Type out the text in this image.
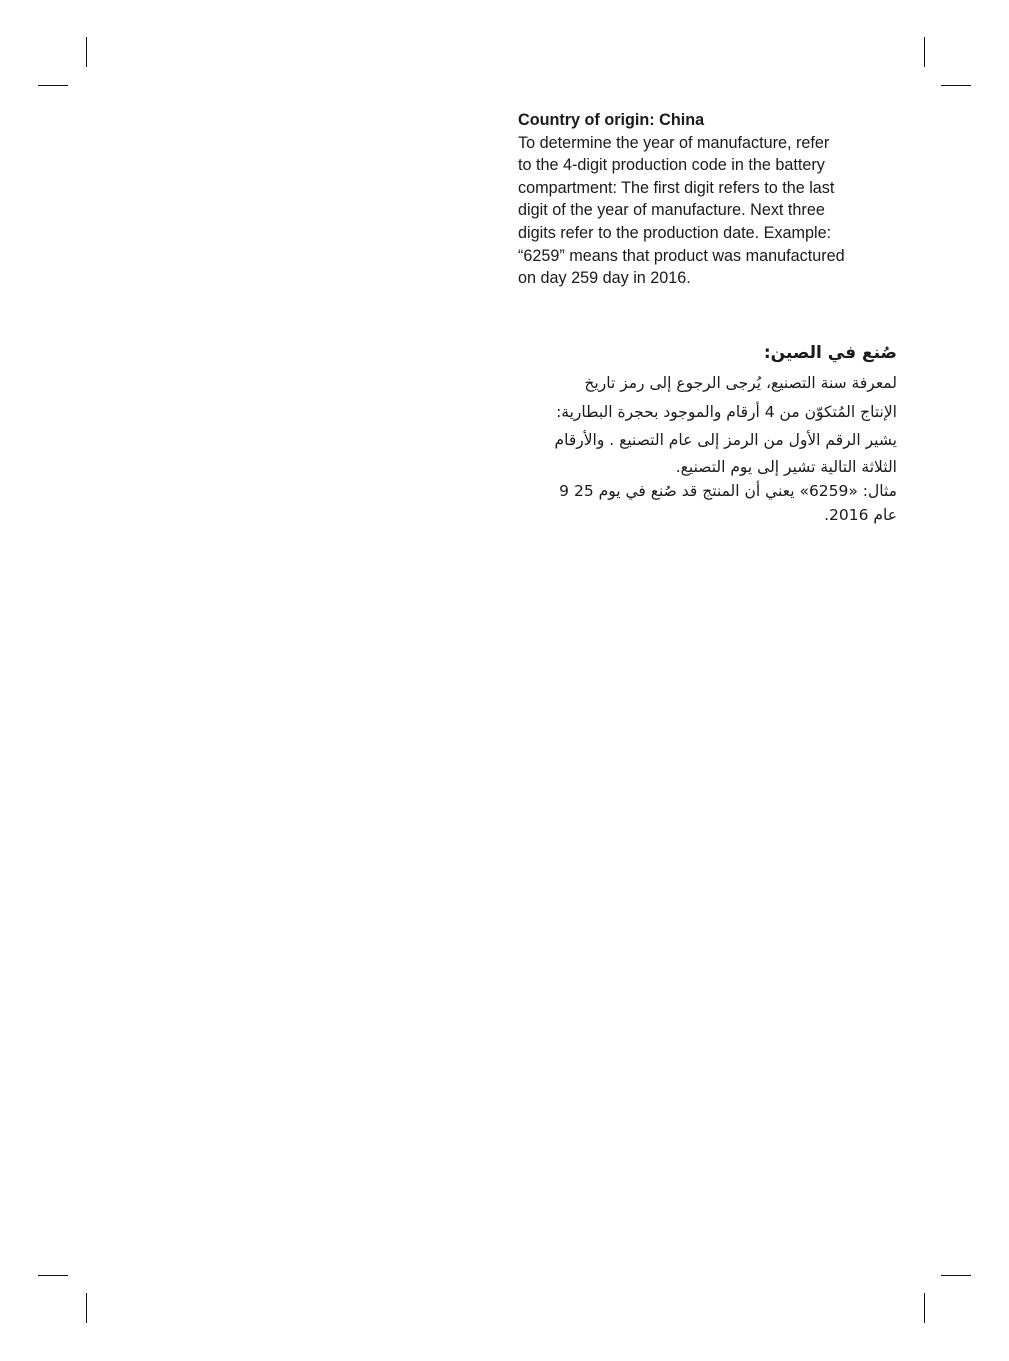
Country of origin: China

To determine the year of manufacture, refer
to the 4-digit production code in the battery
compartment: The first digit refers to the last
digit of the year of manufacture. Next three
digits refer to the production date. Example:
“6259” means that product was manufactured
on day 259 day in 2016.

صُنع في الصين:

لمعرفة سنة التصنيع، يُرجى الرجوع إلى رمز تاريخ
الإنتاج المُتكوّن من 4 أرقام والموجود بحجرة البطارية:
يشير الرقم الأول من الرمز إلى عام التصنيع . والأرقام
الثلاثة التالية تشير إلى يوم التصنيع.
مثال: «6259» يعني أن المنتج قد صُنع في يوم 25 9
عام 2016.
